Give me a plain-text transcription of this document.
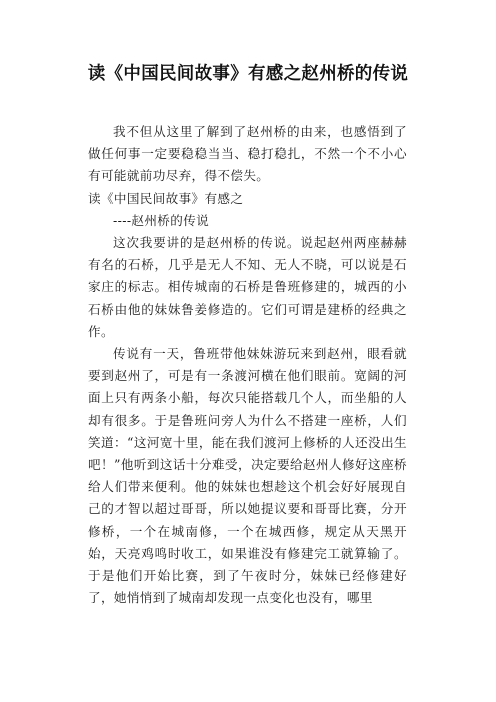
读《中国民间故事》有感之赵州桥的传说

我不但从这里了解到了赵州桥的由来，也感悟到了做任何事一定要稳稳当当、稳打稳扎，不然一个不小心有可能就前功尽弃，得不偿失。

读《中国民间故事》有感之

----赵州桥的传说

这次我要讲的是赵州桥的传说。说起赵州两座赫赫有名的石桥，几乎是无人不知、无人不晓，可以说是石家庄的标志。相传城南的石桥是鲁班修建的，城西的小石桥由他的妹妹鲁姜修造的。它们可谓是建桥的经典之作。

传说有一天，鲁班带他妹妹游玩来到赵州，眼看就要到赵州了，可是有一条渡河横在他们眼前。宽阔的河面上只有两条小船，每次只能搭载几个人，而坐船的人却有很多。于是鲁班问旁人为什么不搭建一座桥，人们笑道：“这河宽十里，能在我们渡河上修桥的人还没出生吧！”他听到这话十分难受，决定要给赵州人修好这座桥给人们带来便利。他的妹妹也想趁这个机会好好展现自己的才智以超过哥哥，所以她提议要和哥哥比赛，分开修桥，一个在城南修，一个在城西修，规定从天黑开始，天亮鸡鸣时收工，如果谁没有修建完工就算输了。于是他们开始比赛，到了午夜时分，妹妹已经修建好了，她悄悄到了城南却发现一点变化也没有，哪里
